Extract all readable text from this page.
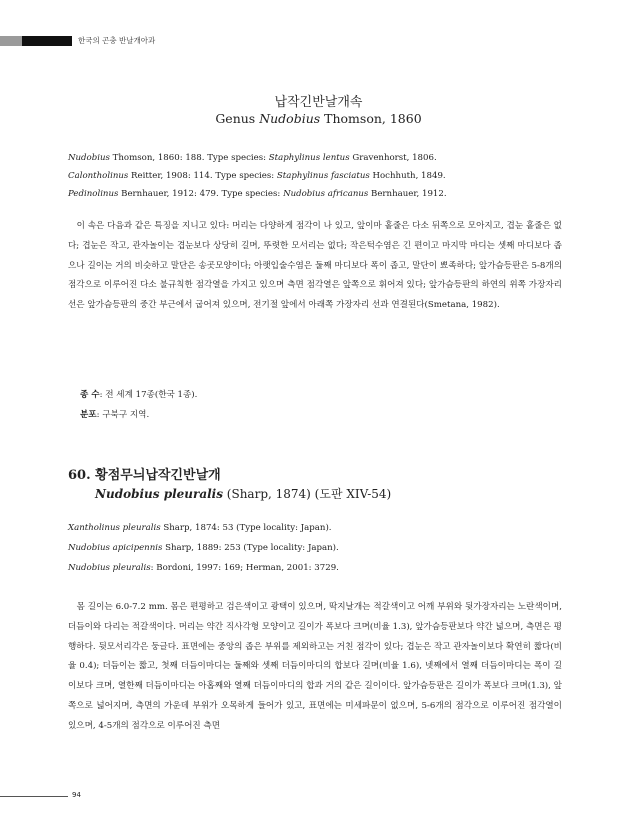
한국의 곤충 반날개아과
납작긴반날개속
Genus Nudobius Thomson, 1860
Nudobius Thomson, 1860: 188. Type species: Staphylinus lentus Gravenhorst, 1806.
Calontholinus Reitter, 1908: 114. Type species: Staphylinus fasciatus Hochhuth, 1849.
Pedinolinus Bernhauer, 1912: 479. Type species: Nudobius africanus Bernhauer, 1912.

이 속은 다음과 같은 특징을 지니고 있다: 머리는 다양하게 점각이 나 있고, 앞이마 홑줄은 다소 뒤쪽으로 모아지고, 겹눈 홑줄은 없다; 겹눈은 작고, 관자놀이는 겹눈보다 상당히 길며, 뚜렷한 모서리는 없다; 작은턱수염은 긴 편이고 마지막 마디는 셋째 마디보다 좁으나 길이는 거의 비슷하고 말단은 송곳모양이다; 아랫입술수염은 둘째 마디보다 폭이 좁고, 말단이 뾰족하다; 앞가슴등판은 5-8개의 점각으로 이루어진 다소 불규칙한 점각열을 가지고 있으며 측면 점각열은 앞쪽으로 휘어져 있다; 앞가슴등판의 하연의 위쪽 가장자리 선은 앞가슴등판의 중간 부근에서 굽어져 있으며, 전기절 앞에서 아래쪽 가장자리 선과 연결된다(Smetana, 1982).

종 수: 전 세계 17종(한국 1종).
분포: 구북구 지역.
60. 황점무늬납작긴반날개
Nudobius pleuralis (Sharp, 1874) (도판 XIV-54)
Xantholinus pleuralis Sharp, 1874: 53 (Type locality: Japan).
Nudobius apicipennis Sharp, 1889: 253 (Type locality: Japan).
Nudobius pleuralis: Bordoni, 1997: 169; Herman, 2001: 3729.

몸 길이는 6.0-7.2 mm. 몸은 편평하고 검은색이고 광택이 있으며, 딱지날개는 적갈색이고 어깨 부위와 뒷가장자리는 노란색이며, 더듬이와 다리는 적갈색이다. 머리는 약간 직사각형 모양이고 길이가 폭보다 크며(비율 1.3), 앞가슴등판보다 약간 넓으며, 측면은 평행하다. 뒷모서리각은 둥글다. 표면에는 중앙의 좁은 부위를 제외하고는 거친 점각이 있다; 겹눈은 작고 관자놀이보다 확연히 짧다(비율 0.4); 더듬이는 짧고, 첫째 더듬이마디는 둘째와 셋째 더듬이마디의 합보다 길며(비율 1.6), 넷째에서 열째 더듬이마디는 폭이 길이보다 크며, 열한째 더듬이마디는 아홉째와 열째 더듬이마디의 합과 거의 같은 길이이다. 앞가슴등판은 길이가 폭보다 크며(1.3), 앞쪽으로 넓어지며, 측면의 가운데 부위가 오목하게 들어가 있고, 표면에는 미세파문이 없으며, 5-6개의 점각으로 이루어진 점각열이 있으며, 4-5개의 점각으로 이루어진 측면

94
